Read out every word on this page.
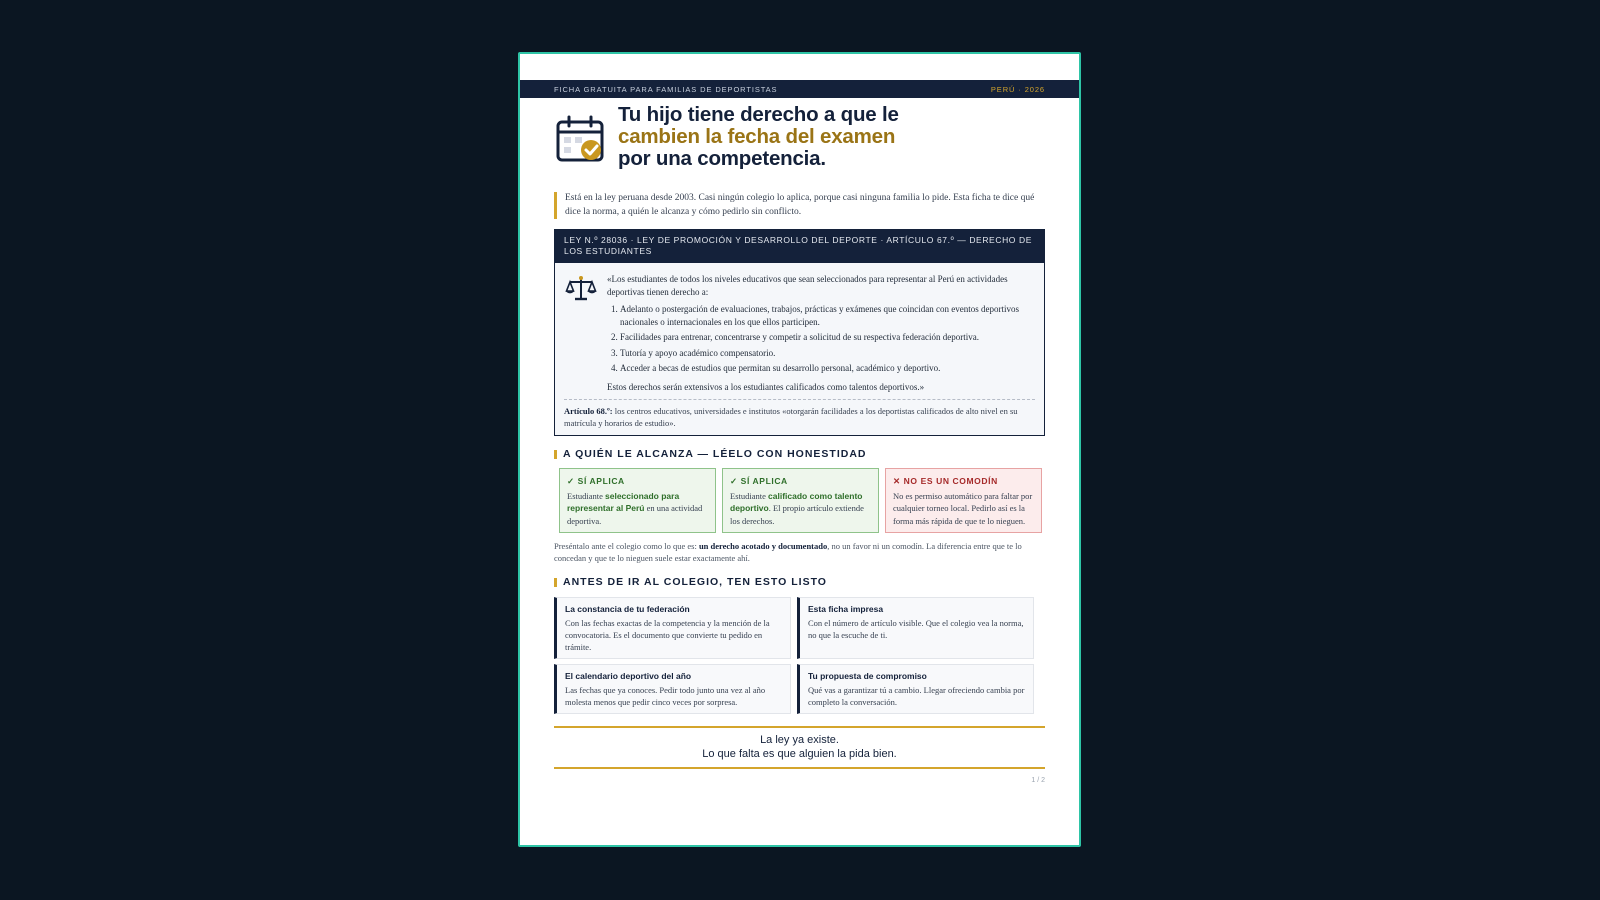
FICHA GRATUITA PARA FAMILIAS DE DEPORTISTAS	PERÚ · 2026
Tu hijo tiene derecho a que le
cambien la fecha del examen
por una competencia.

Está en la ley peruana desde 2003. Casi ningún colegio lo aplica, porque casi ninguna familia lo pide. Esta ficha te dice qué dice la norma, a quién le alcanza y cómo pedirlo sin conflicto.

LEY N.º 28036 · LEY DE PROMOCIÓN Y DESARROLLO DEL DEPORTE · ARTÍCULO 67.º — DERECHO DE LOS ESTUDIANTES

«Los estudiantes de todos los niveles educativos que sean seleccionados para representar al Perú en actividades deportivas tienen derecho a:

1. Adelanto o postergación de evaluaciones, trabajos, prácticas y exámenes que coincidan con eventos deportivos nacionales o internacionales en los que ellos participen.
2. Facilidades para entrenar, concentrarse y competir a solicitud de su respectiva federación deportiva.
3. Tutoría y apoyo académico compensatorio.
4. Acceder a becas de estudios que permitan su desarrollo personal, académico y deportivo.

Estos derechos serán extensivos a los estudiantes calificados como talentos deportivos.»

Artículo 68.º: los centros educativos, universidades e institutos «otorgarán facilidades a los deportistas calificados de alto nivel en su matrícula y horarios de estudio».

A QUIÉN LE ALCANZA — LÉELO CON HONESTIDAD
✓ SÍ APLICA
Estudiante seleccionado para representar al Perú en una actividad deportiva.
✓ SÍ APLICA
Estudiante calificado como talento deportivo. El propio artículo extiende los derechos.
✕ NO ES UN COMODÍN
No es permiso automático para faltar por cualquier torneo local. Pedirlo así es la forma más rápida de que te lo nieguen.

Preséntalo ante el colegio como lo que es: un derecho acotado y documentado, no un favor ni un comodín. La diferencia entre que te lo concedan y que te lo nieguen suele estar exactamente ahí.

ANTES DE IR AL COLEGIO, TEN ESTO LISTO
La constancia de tu federación
Con las fechas exactas de la competencia y la mención de la convocatoria. Es el documento que convierte tu pedido en trámite.
Esta ficha impresa
Con el número de artículo visible. Que el colegio vea la norma, no que la escuche de ti.
El calendario deportivo del año
Las fechas que ya conoces. Pedir todo junto una vez al año molesta menos que pedir cinco veces por sorpresa.
Tu propuesta de compromiso
Qué vas a garantizar tú a cambio. Llegar ofreciendo cambia por completo la conversación.
La ley ya existe.
Lo que falta es que alguien la pida bien.
1 / 2
